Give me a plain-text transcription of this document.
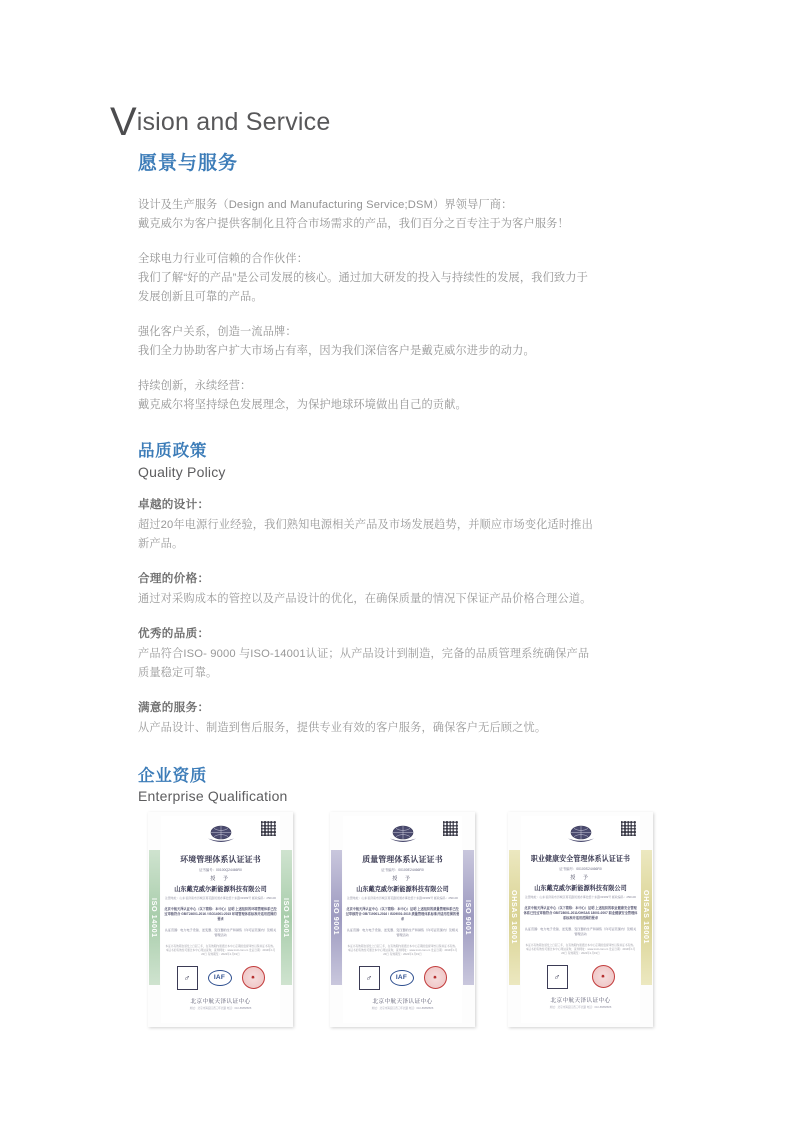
Vision and Service
愿景与服务
设计及生产服务（Design and Manufacturing Service;DSM）界领导厂商：
戴克威尔为客户提供客制化且符合市场需求的产品，我们百分之百专注于为客户服务！
全球电力行业可信赖的合作伙伴：
我们了解“好的产品”是公司发展的核心。通过加大研发的投入与持续性的发展，我们致力于
发展创新且可靠的产品。
强化客户关系，创造一流品牌：
我们全力协助客户扩大市场占有率，因为我们深信客户是戴克威尔进步的动力。
持续创新，永续经营：
戴克威尔将坚持绿色发展理念，为保护地球环境做出自己的贡献。
品质政策
Quality Policy
卓越的设计：
超过20年电源行业经验，我们熟知电源相关产品及市场发展趋势，并顺应市场变化适时推出
新产品。
合理的价格：
通过对采购成本的管控以及产品设计的优化，在确保质量的情况下保证产品价格合理公道。
优秀的品质：
产品符合ISO- 9000 与ISO-14001认证；从产品设计到制造，完备的品质管理系统确保产品
质量稳定可靠。
满意的服务：
从产品设计、制造到售后服务，提供专业有效的客户服务，确保客户无后顾之忧。
企业资质
Enterprise Qualification
ISO 14001	ISO 14001
环境管理体系认证证书
证书编号：00100Q24466R0
授 予
山东戴克威尔新能源科技有限公司
注册地址：山东省济南市历城区荷花路街道办事处经十东路33399号 邮政编码：250100
北京中航天泽认证中心（以下简称：本中心）证明 上述组织的环境管理体系已经过审核符合 GB/T24001-2016 / ISO14001:2015 环境管理体系标准并适用范围的要求
认证范围：电力电子设备、逆变器、变压器的生产和销售（许可证范围内）及相关管理活动
本证书有效期自颁发之日起三年，在有效期内须通过本中心定期的监督审核以保持证书有效。 本证书的有效性可通过本中心网站查询，查询网址：www.cnct.com.cn 发证日期：2019年1月20日 有效期至：2022年1月19日
♂	IAF	✸
北京中航天泽认证中心
地址：北京市海淀区西三环北路 电话：010-88888888
ISO 9001	ISO 9001
质量管理体系认证证书
证书编号：00100E24466R0
授 予
山东戴克威尔新能源科技有限公司
注册地址：山东省济南市历城区荷花路街道办事处经十东路33399号 邮政编码：250100
北京中航天泽认证中心（以下简称：本中心）证明 上述组织的质量管理体系已经过审核符合 GB/T19001-2016 / ISO9001:2015 质量管理体系标准并适用范围的要求
认证范围：电力电子设备、逆变器、变压器的生产和销售（许可证范围内）及相关管理活动
本证书有效期自颁发之日起三年，在有效期内须通过本中心定期的监督审核以保持证书有效。 本证书的有效性可通过本中心网站查询，查询网址：www.cnct.com.cn 发证日期：2019年1月20日 有效期至：2022年1月19日
♂	IAF	✸
北京中航天泽认证中心
地址：北京市海淀区西三环北路 电话：010-88888888
OHSAS 18001	OHSAS 18001
职业健康安全管理体系认证证书
证书编号：00100S24466R0
授 予
山东戴克威尔新能源科技有限公司
注册地址：山东省济南市历城区荷花路街道办事处经十东路33399号 邮政编码：250100
北京中航天泽认证中心（以下简称：本中心）证明 上述组织的职业健康安全管理体系已经过审核符合 GB/T28001-2011/OHSAS 18001:2007 职业健康安全管理体系标准并适用范围的要求
认证范围：电力电子设备、逆变器、变压器的生产和销售（许可证范围内）及相关管理活动
本证书有效期自颁发之日起三年，在有效期内须通过本中心定期的监督审核以保持证书有效。 本证书的有效性可通过本中心网站查询，查询网址：www.cnct.com.cn 发证日期：2019年1月20日 有效期至：2022年1月19日
♂	✸
北京中航天泽认证中心
地址：北京市海淀区西三环北路 电话：010-88888888
